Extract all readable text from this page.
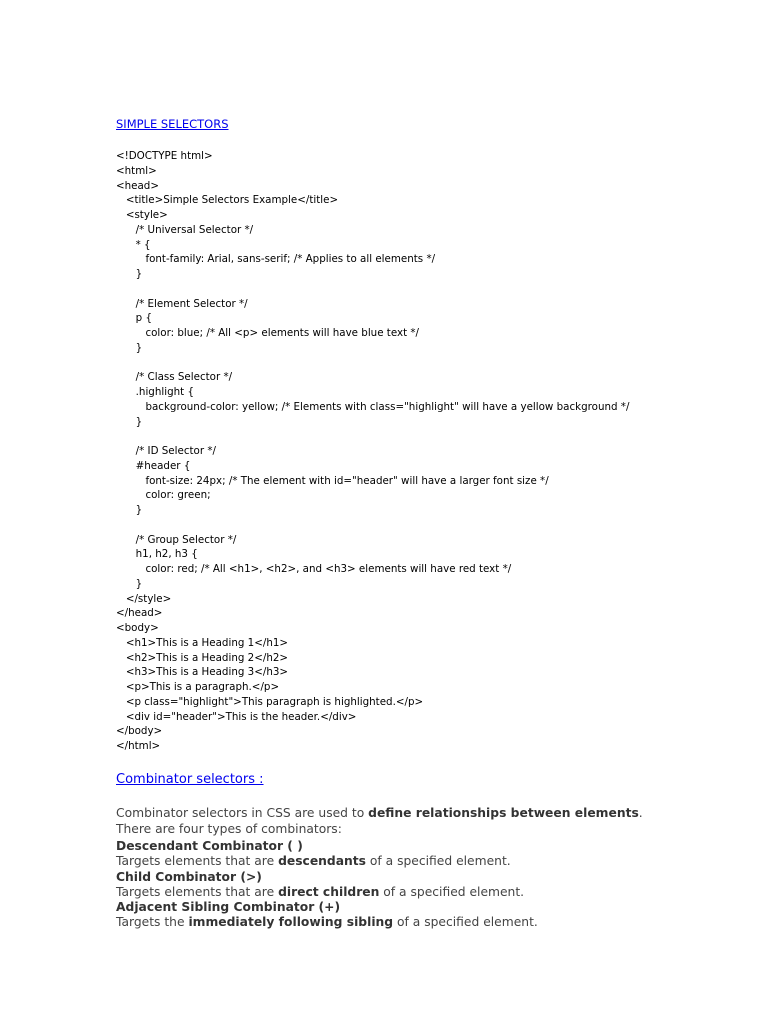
SIMPLE SELECTORS
<!DOCTYPE html>
<html>
<head>
<title>Simple Selectors Example</title>
<style>
/* Universal Selector */
* {
font-family: Arial, sans-serif; /* Applies to all elements */
}
/* Element Selector */
p {
color: blue; /* All <p> elements will have blue text */
}
/* Class Selector */
.highlight {
background-color: yellow; /* Elements with class="highlight" will have a yellow background */
}
/* ID Selector */
#header {
font-size: 24px; /* The element with id="header" will have a larger font size */
color: green;
}
/* Group Selector */
h1, h2, h3 {
color: red; /* All <h1>, <h2>, and <h3> elements will have red text */
}
</style>
</head>
<body>
<h1>This is a Heading 1</h1>
<h2>This is a Heading 2</h2>
<h3>This is a Heading 3</h3>
<p>This is a paragraph.</p>
<p class="highlight">This paragraph is highlighted.</p>
<div id="header">This is the header.</div>
</body>
</html>
Combinator selectors :
Combinator selectors in CSS are used to define relationships between elements.
There are four types of combinators:
Descendant Combinator ( )
Targets elements that are descendants of a specified element.
Child Combinator (>)
Targets elements that are direct children of a specified element.
Adjacent Sibling Combinator (+)
Targets the immediately following sibling of a specified element.
